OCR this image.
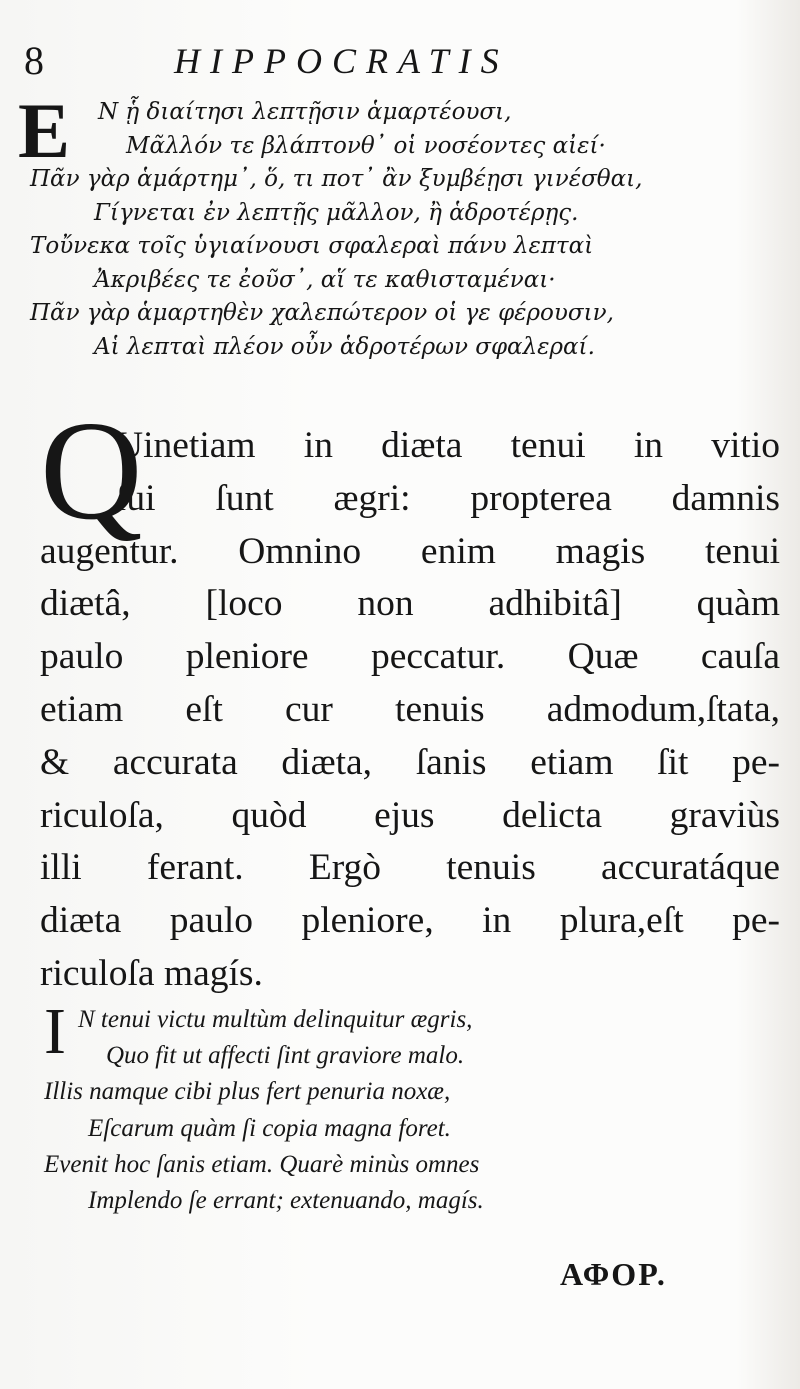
8	HIPPOCRATIS
E	Ν ᾗ διαίτησι λεπτῇσιν ἁμαρτέουσι,
Μᾶλλόν τε βλάπτονθ᾽ οἱ νοσέοντες αἰεί·
Πᾶν γὰρ ἁμάρτημ᾽, ὅ, τι ποτ᾽ ἂν ξυμβέῃσι γινέσθαι,
Γίγνεται ἐν λεπτῇς μᾶλλον, ἢ ἁδροτέρῃς.
Τοὔνεκα τοῖς ὑγιαίνουσι σφαλεραὶ πάνυ λεπταὶ
Ἀκριβέες τε ἐοῦσ᾽, αἵ τε καθισταμέναι·
Πᾶν γὰρ ἁμαρτηθὲν χαλεπώτερον οἱ γε φέρουσιν,
Αἱ λεπταὶ πλέον οὖν ἁδροτέρων σφαλεραί.
Q
Uinetiam in diæta tenui in vitio
ſui ſunt ægri: propterea damnis
augentur. Omnino enim magis tenui
diætâ, [loco non adhibitâ] quàm
paulo pleniore peccatur. Quæ cauſa
etiam eſt cur tenuis admodum,ſtata,
& accurata diæta, ſanis etiam ſit pe-
riculoſa, quòd ejus delicta graviùs
illi ferant. Ergò tenuis accuratáque
diæta paulo pleniore, in plura,eſt pe-
riculoſa magís.
I N tenui victu multùm delinquitur ægris,
Quo fit ut affecti ſint graviore malo.
Illis namque cibi plus fert penuria noxæ,
Eſcarum quàm ſi copia magna foret.
Evenit hoc ſanis etiam. Quarè minùs omnes
Implendo ſe errant; extenuando, magís.
ΑΦΟΡ.
